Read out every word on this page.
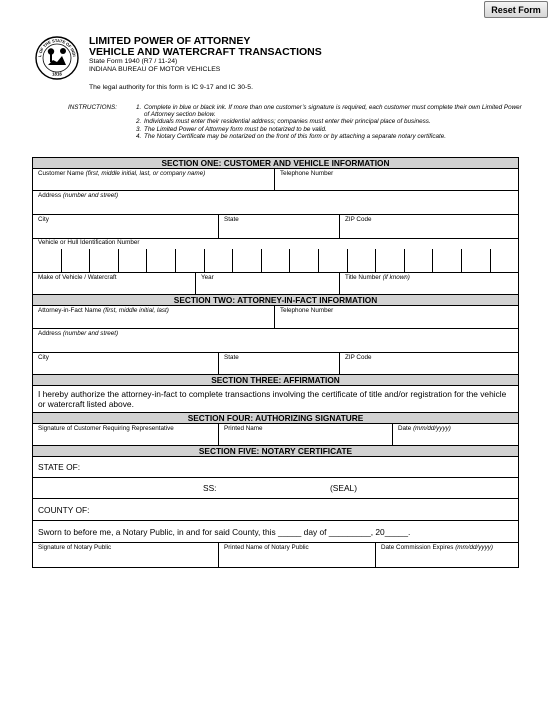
Reset Form
L OF THE STATE OF INDI
1816
LIMITED POWER OF ATTORNEY
VEHICLE AND WATERCRAFT TRANSACTIONS
State Form 1940 (R7 / 11-24)
INDIANA BUREAU OF MOTOR VEHICLES
The legal authority for this form is IC 9-17 and IC 30-5.
INSTRUCTIONS:	1. Complete in blue or black ink. If more than one customer’s signature is required, each customer must complete their own Limited Power of Attorney section below.
2. Individuals must enter their residential address; companies must enter their principal place of business.
3. The Limited Power of Attorney form must be notarized to be valid.
4. The Notary Certificate may be notarized on the front of this form or by attaching a separate notary certificate.
SECTION ONE: CUSTOMER AND VEHICLE INFORMATION
Customer Name (first, middle initial, last, or company name)	Telephone Number
Address (number and street)
City	State	ZIP Code
Vehicle or Hull Identification Number
Make of Vehicle / Watercraft	Year	Title Number (if known)
SECTION TWO: ATTORNEY-IN-FACT INFORMATION
Attorney-in-Fact Name (first, middle initial, last)	Telephone Number
Address (number and street)
City	State	ZIP Code
SECTION THREE: AFFIRMATION
I hereby authorize the attorney-in-fact to complete transactions involving the certificate of title and/or registration for the vehicle or watercraft listed above.
SECTION FOUR: AUTHORIZING SIGNATURE
Signature of Customer Requiring Representative	Printed Name	Date (mm/dd/yyyy)
SECTION FIVE: NOTARY CERTIFICATE
STATE OF:
SS:	(SEAL)
COUNTY OF:
Sworn to before me, a Notary Public, in and for said County, this _____ day of _________, 20_____.
Signature of Notary Public	Printed Name of Notary Public	Date Commission Expires (mm/dd/yyyy)
